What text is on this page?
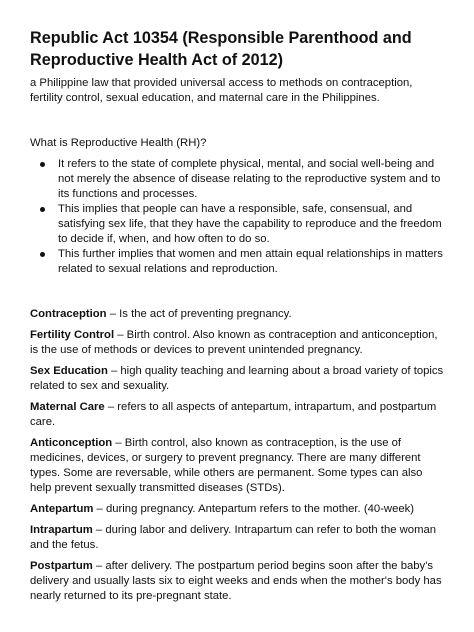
Republic Act 10354 (Responsible Parenthood and Reproductive Health Act of 2012)

a Philippine law that provided universal access to methods on contraception, fertility control, sexual education, and maternal care in the Philippines.

What is Reproductive Health (RH)?

It refers to the state of complete physical, mental, and social well-being and not merely the absence of disease relating to the reproductive system and to its functions and processes.
This implies that people can have a responsible, safe, consensual, and satisfying sex life, that they have the capability to reproduce and the freedom to decide if, when, and how often to do so.
This further implies that women and men attain equal relationships in matters related to sexual relations and reproduction.

Contraception – Is the act of preventing pregnancy.

Fertility Control – Birth control. Also known as contraception and anticonception, is the use of methods or devices to prevent unintended pregnancy.

Sex Education – high quality teaching and learning about a broad variety of topics related to sex and sexuality.

Maternal Care – refers to all aspects of antepartum, intrapartum, and postpartum care.

Anticonception – Birth control, also known as contraception, is the use of medicines, devices, or surgery to prevent pregnancy. There are many different types. Some are reversable, while others are permanent. Some types can also help prevent sexually transmitted diseases (STDs).

Antepartum – during pregnancy. Antepartum refers to the mother. (40-week)

Intrapartum – during labor and delivery. Intrapartum can refer to both the woman and the fetus.

Postpartum – after delivery. The postpartum period begins soon after the baby's delivery and usually lasts six to eight weeks and ends when the mother's body has nearly returned to its pre-pregnant state.
